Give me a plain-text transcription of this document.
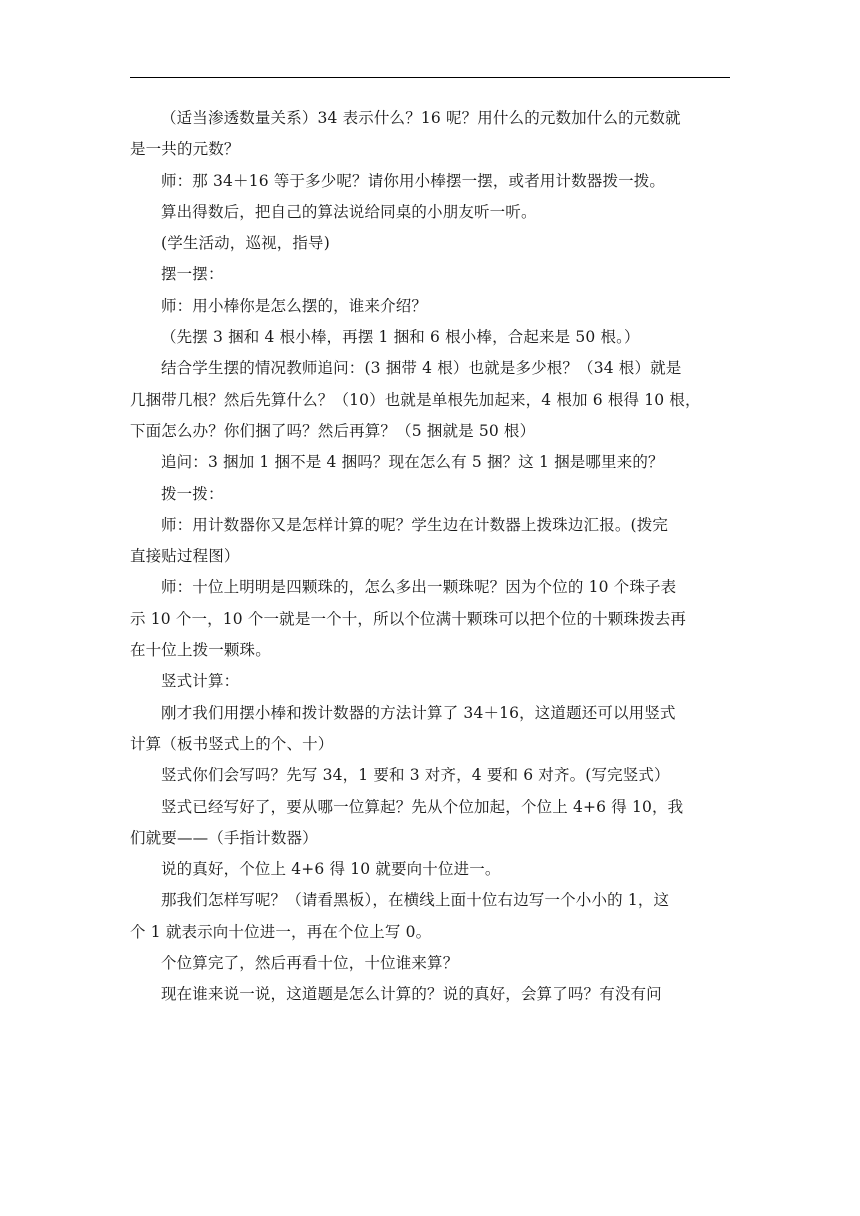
（适当渗透数量关系）34 表示什么？16 呢？用什么的元数加什么的元数就
是一共的元数？

师：那 34＋16 等于多少呢？请你用小棒摆一摆，或者用计数器拨一拨。

算出得数后，把自己的算法说给同桌的小朋友听一听。

(学生活动，巡视，指导)

摆一摆：

师：用小棒你是怎么摆的，谁来介绍？

（先摆 3 捆和 4 根小棒，再摆 1 捆和 6 根小棒，合起来是 50 根。）

结合学生摆的情况教师追问：(3 捆带 4 根）也就是多少根？（34 根）就是
几捆带几根？然后先算什么？（10）也就是单根先加起来，4 根加 6 根得 10 根，
下面怎么办？你们捆了吗？然后再算？（5 捆就是 50 根）

追问：3 捆加 1 捆不是 4 捆吗？现在怎么有 5 捆？这 1 捆是哪里来的？

拨一拨：

师：用计数器你又是怎样计算的呢？学生边在计数器上拨珠边汇报。(拨完
直接贴过程图）

师：十位上明明是四颗珠的，怎么多出一颗珠呢？因为个位的 10 个珠子表
示 10 个一，10 个一就是一个十，所以个位满十颗珠可以把个位的十颗珠拨去再
在十位上拨一颗珠。

竖式计算：

刚才我们用摆小棒和拨计数器的方法计算了 34＋16，这道题还可以用竖式
计算（板书竖式上的个、十）

竖式你们会写吗？先写 34，1 要和 3 对齐，4 要和 6 对齐。(写完竖式）

竖式已经写好了，要从哪一位算起？先从个位加起，个位上 4+6 得 10，我
们就要——（手指计数器）

说的真好，个位上 4+6 得 10 就要向十位进一。

那我们怎样写呢？（请看黑板），在横线上面十位右边写一个小小的 1，这
个 1 就表示向十位进一，再在个位上写 0。

个位算完了，然后再看十位，十位谁来算？

现在谁来说一说，这道题是怎么计算的？说的真好，会算了吗？有没有问
